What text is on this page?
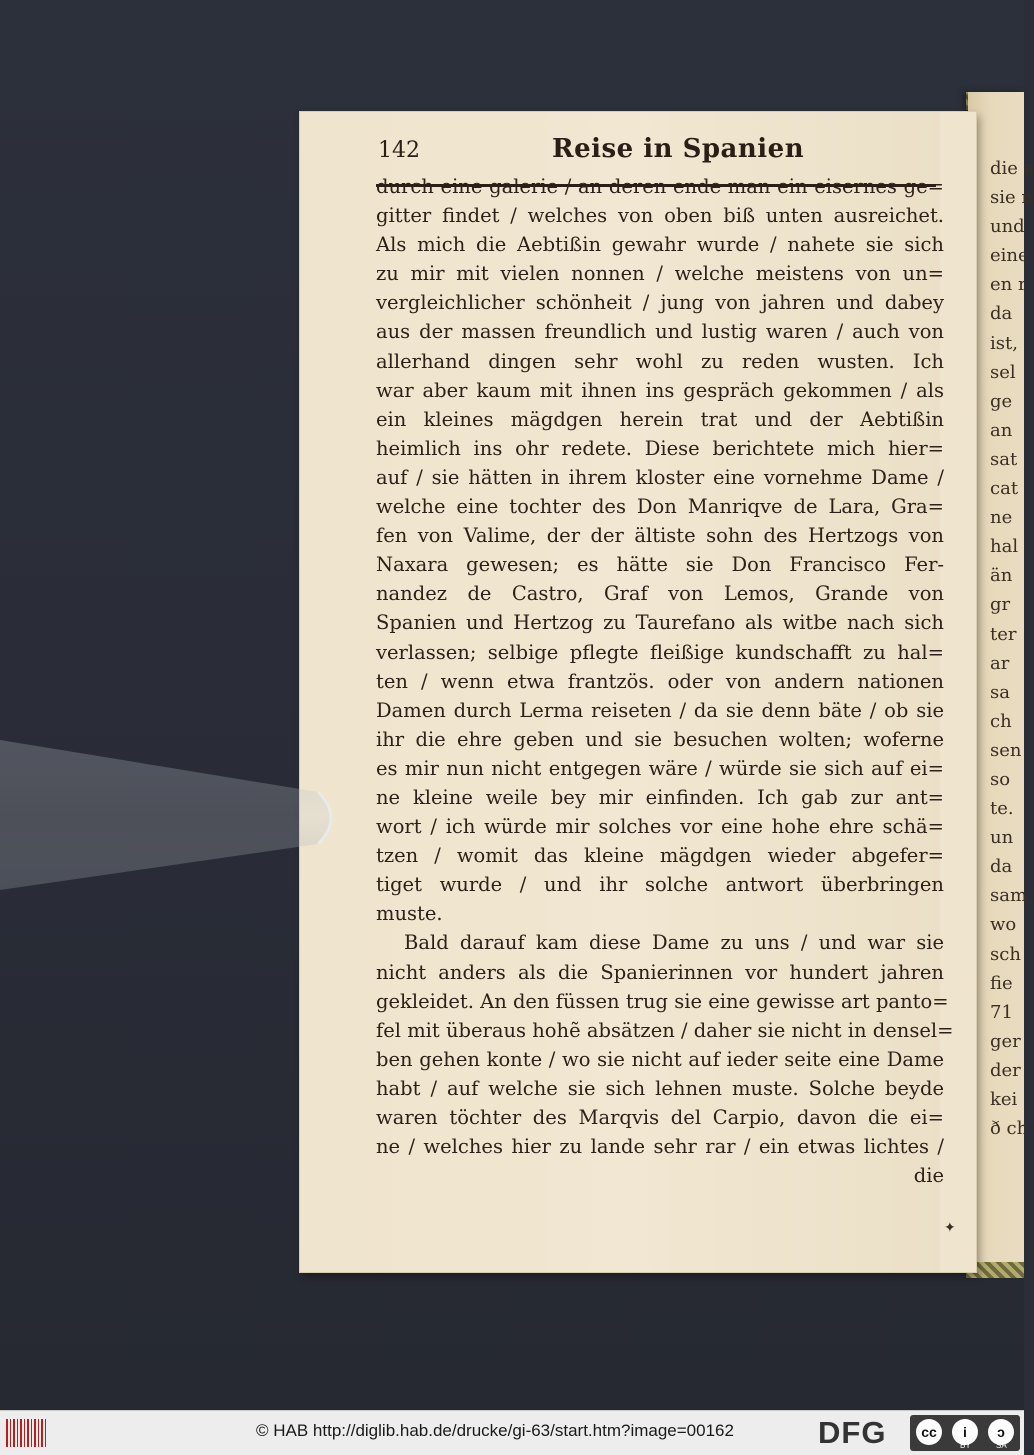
die a
sie n
und
eine
en r
da
ist,
sel
ge
an
sat
cat
ne
hal
än
gr
ter
ar
sa
ch
sen
so
te.
un
da
sam
wo
sch
fie
71
ger
der
kei
ð ch
142	Reise in Spanien
durch eine galerie / an deren ende man ein eisernes ge=
gitter findet / welches von oben biß unten ausreichet.
Als mich die Aebtißin gewahr wurde / nahete sie sich
zu mir mit vielen nonnen / welche meistens von un=
vergleichlicher schönheit / jung von jahren und dabey
aus der massen freundlich und lustig waren / auch von
allerhand dingen sehr wohl zu reden wusten. Ich
war aber kaum mit ihnen ins gespräch gekommen / als
ein kleines mägdgen herein trat und der Aebtißin
heimlich ins ohr redete. Diese berichtete mich hier=
auf / sie hätten in ihrem kloster eine vornehme Dame /
welche eine tochter des Don Manriqve de Lara, Gra=
fen von Valime, der der ältiste sohn des Hertzogs von
Naxara gewesen; es hätte sie Don Francisco Fer-
nandez de Castro, Graf von Lemos, Grande von
Spanien und Hertzog zu Taurefano als witbe nach sich
verlassen; selbige pflegte fleißige kundschafft zu hal=
ten / wenn etwa frantzös. oder von andern nationen
Damen durch Lerma reiseten / da sie denn bäte / ob sie
ihr die ehre geben und sie besuchen wolten; woferne
es mir nun nicht entgegen wäre / würde sie sich auf ei=
ne kleine weile bey mir einfinden. Ich gab zur ant=
wort / ich würde mir solches vor eine hohe ehre schä=
tzen / womit das kleine mägdgen wieder abgefer=
tiget wurde / und ihr solche antwort überbringen
muste.
Bald darauf kam diese Dame zu uns / und war sie
nicht anders als die Spanierinnen vor hundert jahren
gekleidet. An den füssen trug sie eine gewisse art panto=
fel mit überaus hohẽ absätzen / daher sie nicht in densel=
ben gehen konte / wo sie nicht auf ieder seite eine Dame
habt / auf welche sie sich lehnen muste. Solche beyde
waren töchter des Marqvis del Carpio, davon die ei=
ne / welches hier zu lande sehr rar / ein etwas lichtes /
die
✦
© HAB http://diglib.hab.de/drucke/gi-63/start.htm?image=00162	DFG	cc	i	ↄ
BY	SA
